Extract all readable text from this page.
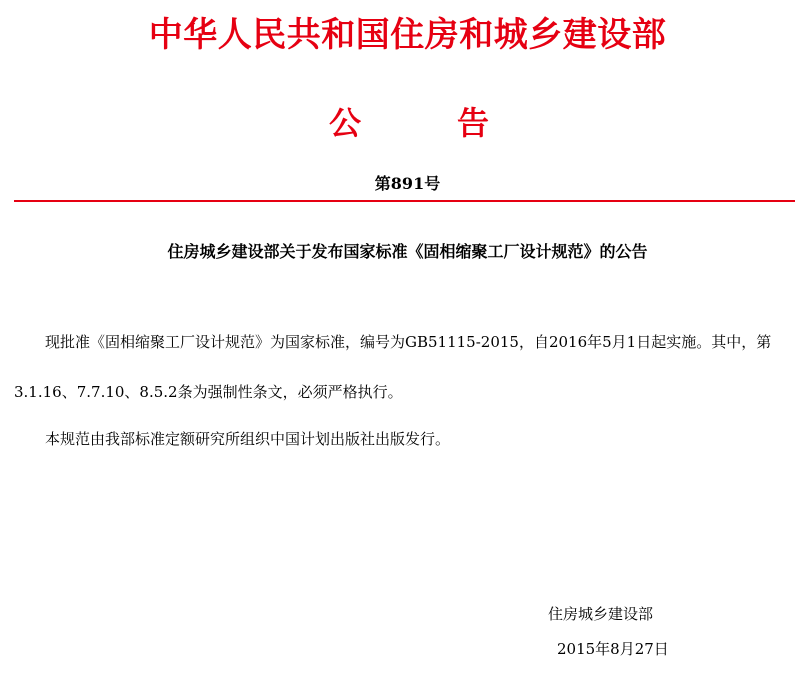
中华人民共和国住房和城乡建设部
公	告
第891号
住房城乡建设部关于发布国家标准《固相缩聚工厂设计规范》的公告
现批准《固相缩聚工厂设计规范》为国家标准，编号为GB51115-2015，自2016年5月1日起实施。其中，第
3.1.16、7.7.10、8.5.2条为强制性条文，必须严格执行。
本规范由我部标准定额研究所组织中国计划出版社出版发行。
住房城乡建设部
2015年8月27日
